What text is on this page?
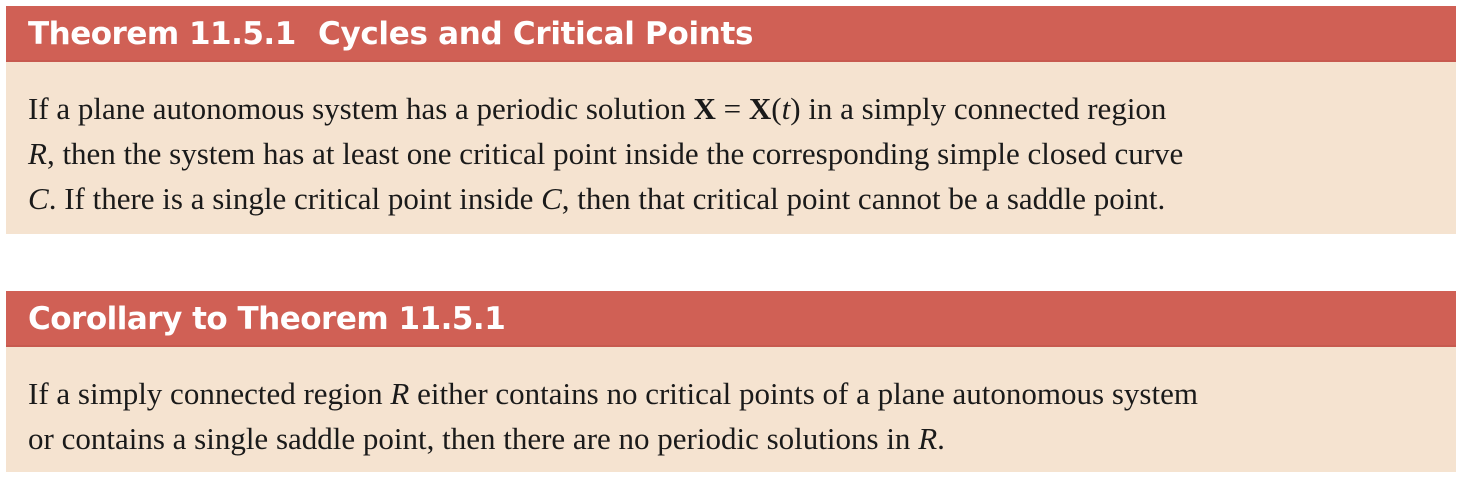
Theorem 11.5.1 Cycles and Critical Points
If a plane autonomous system has a periodic solution X = X(t) in a simply connected region
R, then the system has at least one critical point inside the corresponding simple closed curve
C. If there is a single critical point inside C, then that critical point cannot be a saddle point.
Corollary to Theorem 11.5.1
If a simply connected region R either contains no critical points of a plane autonomous system
or contains a single saddle point, then there are no periodic solutions in R.
